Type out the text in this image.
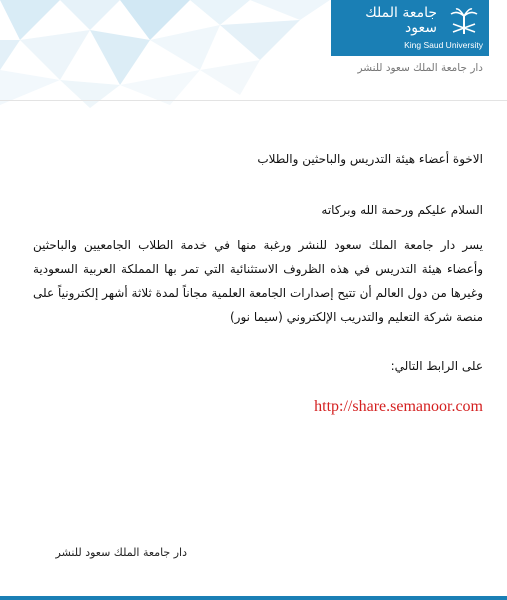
جامعة الملك سعود
King Saud University
دار جامعة الملك سعود للنشر
الاخوة أعضاء هيئة التدريس والباحثين والطلاب
السلام عليكم ورحمة الله وبركاته
يسر دار جامعة الملك سعود للنشر ورغبة منها في خدمة الطلاب الجامعيين والباحثين وأعضاء هيئة التدريس في هذه الظروف الاستثنائية التي تمر بها المملكة العربية السعودية وغيرها من دول العالم أن تتيح إصدارات الجامعة العلمية مجاناً لمدة ثلاثة أشهر إلكترونياً على منصة شركة التعليم والتدريب الإلكتروني (سيما نور)
على الرابط التالي:
http://share.semanoor.com
دار جامعة الملك سعود للنشر
